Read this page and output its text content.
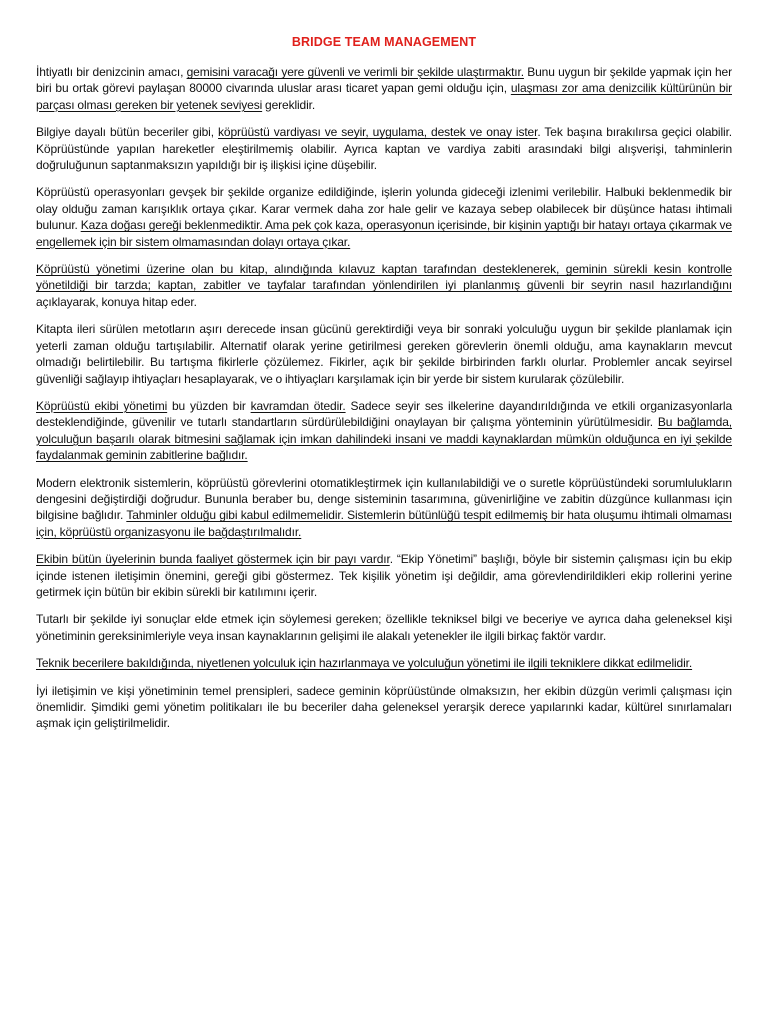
BRIDGE TEAM MANAGEMENT

İhtiyatlı bir denizcinin amacı, gemisini varacağı yere güvenli ve verimli bir şekilde ulaştırmaktır. Bunu uygun bir şekilde yapmak için her biri bu ortak görevi paylaşan 80000 civarında uluslar arası ticaret yapan gemi olduğu için, ulaşması zor ama denizcilik kültürünün bir parçası olması gereken bir yetenek seviyesi gereklidir.

Bilgiye dayalı bütün beceriler gibi, köprüüstü vardiyası ve seyir, uygulama, destek ve onay ister. Tek başına bırakılırsa geçici olabilir. Köprüüstünde yapılan hareketler eleştirilmemiş olabilir. Ayrıca kaptan ve vardiya zabiti arasındaki bilgi alışverişi, tahminlerin doğruluğunun saptanmaksızın yapıldığı bir iş ilişkisi içine düşebilir.

Köprüüstü operasyonları gevşek bir şekilde organize edildiğinde, işlerin yolunda gideceği izlenimi verilebilir. Halbuki beklenmedik bir olay olduğu zaman karışıklık ortaya çıkar. Karar vermek daha zor hale gelir ve kazaya sebep olabilecek bir düşünce hatası ihtimali bulunur. Kaza doğası gereği beklenmediktir. Ama pek çok kaza, operasyonun içerisinde, bir kişinin yaptığı bir hatayı ortaya çıkarmak ve engellemek için bir sistem olmamasından dolayı ortaya çıkar.

Köprüüstü yönetimi üzerine olan bu kitap, alındığında kılavuz kaptan tarafından desteklenerek, geminin sürekli kesin kontrolle yönetildiği bir tarzda; kaptan, zabitler ve tayfalar tarafından yönlendirilen iyi planlanmış güvenli bir seyrin nasıl hazırlandığını açıklayarak, konuya hitap eder.

Kitapta ileri sürülen metotların aşırı derecede insan gücünü gerektirdiği veya bir sonraki yolculuğu uygun bir şekilde planlamak için yeterli zaman olduğu tartışılabilir. Alternatif olarak yerine getirilmesi gereken görevlerin önemli olduğu, ama kaynakların mevcut olmadığı belirtilebilir. Bu tartışma fikirlerle çözülemez. Fikirler, açık bir şekilde birbirinden farklı olurlar. Problemler ancak seyirsel güvenliği sağlayıp ihtiyaçları hesaplayarak, ve o ihtiyaçları karşılamak için bir yerde bir sistem kurularak çözülebilir.

Köprüüstü ekibi yönetimi bu yüzden bir kavramdan ötedir. Sadece seyir ses ilkelerine dayandırıldığında ve etkili organizasyonlarla desteklendiğinde, güvenilir ve tutarlı standartların sürdürülebildiğini onaylayan bir çalışma yönteminin yürütülmesidir. Bu bağlamda, yolculuğun başarılı olarak bitmesini sağlamak için imkan dahilindeki insani ve maddi kaynaklardan mümkün olduğunca en iyi şekilde faydalanmak geminin zabitlerine bağlıdır.

Modern elektronik sistemlerin, köprüüstü görevlerini otomatikleştirmek için kullanılabildiği ve o suretle köprüüstündeki sorumlulukların dengesini değiştirdiği doğrudur. Bununla beraber bu, denge sisteminin tasarımına, güvenirliğine ve zabitin düzgünce kullanması için bilgisine bağlıdır. Tahminler olduğu gibi kabul edilmemelidir. Sistemlerin bütünlüğü tespit edilmemiş bir hata oluşumu ihtimali olmaması için, köprüüstü organizasyonu ile bağdaştırılmalıdır.

Ekibin bütün üyelerinin bunda faaliyet göstermek için bir payı vardır. “Ekip Yönetimi” başlığı, böyle bir sistemin çalışması için bu ekip içinde istenen iletişimin önemini, gereği gibi göstermez. Tek kişilik yönetim işi değildir, ama görevlendirildikleri ekip rollerini yerine getirmek için bütün bir ekibin sürekli bir katılımını içerir.

Tutarlı bir şekilde iyi sonuçlar elde etmek için söylemesi gereken; özellikle tekniksel bilgi ve beceriye ve ayrıca daha geleneksel kişi yönetiminin gereksinimleriyle veya insan kaynaklarının gelişimi ile alakalı yetenekler ile ilgili birkaç faktör vardır.

Teknik becerilere bakıldığında, niyetlenen yolculuk için hazırlanmaya ve yolculuğun yönetimi ile ilgili tekniklere dikkat edilmelidir.

İyi iletişimin ve kişi yönetiminin temel prensipleri, sadece geminin köprüüstünde olmaksızın, her ekibin düzgün verimli çalışması için önemlidir. Şimdiki gemi yönetim politikaları ile bu beceriler daha geleneksel yerarşik derece yapılarınki kadar, kültürel sınırlamaları aşmak için geliştirilmelidir.
